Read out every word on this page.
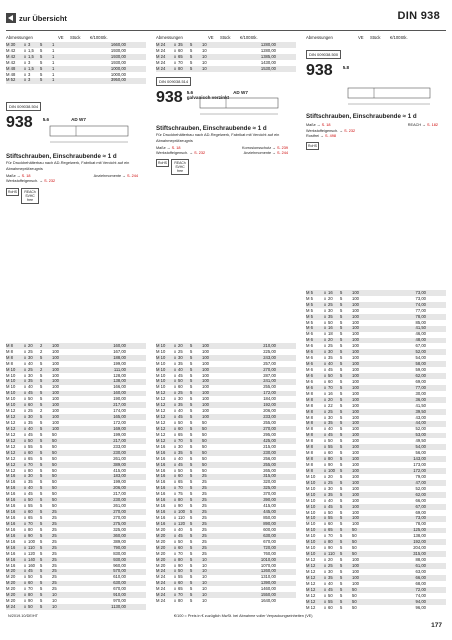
zur Übersicht	DIN 938
Abmessungen	VE	Stück	€/100Stk.	Abmessungen	VE	Stück	€/100Stk.	Abmessungen	VE	Stück	€/100Stk.
M 30	x 3	5	1	1660,00
M 42	x 1,5	5	1	1930,00
M 42	x 1,5	5	1	1930,00
M 42	x 3	5	1	1930,00
M 48	x 1,5	5	1	1000,00
M 48	x 3	5	1	1000,00
M 52	x 3	5	1	3950,00
M 24	x 35	5	10	1280,00
M 24	x 60	5	10	1280,00
M 24	x 65	5	10	1385,00
M 24	x 70	5	10	1430,00
M 24	x 80	5	10	1530,00
M 8	x 20	2	100	160,00
M 8	x 25	2	100	167,00
M 8	x 30	5	100	188,00
M 8	x 40	5	100	199,00
M 10	x 25	2	100	111,00
M 10	x 30	5	100	128,00
M 10	x 35	5	100	138,00
M 10	x 40	5	100	166,00
M 10	x 45	5	100	160,00
M 10	x 50	5	100	190,00
M 10	x 60	5	100	217,00
M 12	x 25	2	100	174,00
M 12	x 30	5	100	165,00
M 12	x 35	5	100	172,00
M 12	x 40	5	100	169,00
M 12	x 45	5	50	199,00
M 12	x 50	5	50	217,00
M 12	x 55	5	50	233,00
M 12	x 60	5	50	230,00
M 12	x 65	5	50	261,00
M 12	x 70	5	50	389,00
M 12	x 80	5	50	415,00
M 16	x 30	5	50	183,00
M 16	x 35	5	50	199,00
M 16	x 40	5	50	206,00
M 16	x 45	5	50	217,00
M 16	x 50	5	50	230,00
M 16	x 55	5	50	261,00
M 16	x 60	5	25	270,00
M 16	x 65	5	25	270,00
M 16	x 70	5	25	275,00
M 16	x 80	5	25	325,00
M 16	x 90	5	25	360,00
M 16	x 100	5	25	389,00
M 16	x 110	5	25	790,00
M 16	x 120	5	25	830,00
M 16	x 140	5	25	930,00
M 16	x 160	5	25	960,00
M 20	x 45	5	25	570,00
M 20	x 50	5	25	610,00
M 20	x 60	5	25	630,00
M 20	x 70	5	25	670,00
M 20	x 80	5	10	910,00
M 20	x 90	5	10	970,00
M 24	x 50	5	10	1130,00
M 10	x 20	5	100	210,00
M 10	x 25	5	100	225,00
M 10	x 30	5	100	243,00
M 10	x 35	5	100	257,00
M 10	x 40	5	100	270,00
M 10	x 45	5	100	287,00
M 10	x 50	5	100	241,00
M 10	x 60	5	100	255,00
M 12	x 25	5	100	172,00
M 12	x 30	5	100	184,00
M 12	x 35	5	100	192,00
M 12	x 40	5	100	206,00
M 12	x 45	5	100	233,00
M 12	x 50	5	50	255,00
M 12	x 60	5	50	270,00
M 12	x 65	5	50	295,00
M 12	x 70	5	50	425,00
M 16	x 30	5	50	215,00
M 16	x 35	5	50	230,00
M 16	x 40	5	50	256,00
M 16	x 45	5	50	255,00
M 16	x 50	5	50	265,00
M 16	x 60	5	25	315,00
M 16	x 65	5	25	320,00
M 16	x 70	5	25	325,00
M 16	x 75	5	25	370,00
M 16	x 80	5	25	390,00
M 16	x 90	5	25	415,00
M 16	x 100	5	25	445,00
M 16	x 110	5	25	850,00
M 16	x 120	5	25	890,00
M 20	x 40	5	25	600,00
M 20	x 45	5	25	630,00
M 20	x 50	5	25	670,00
M 20	x 60	5	25	720,00
M 20	x 70	5	25	760,00
M 20	x 80	5	10	1010,00
M 20	x 90	5	10	1070,00
M 24	x 50	5	10	1260,00
M 24	x 55	5	10	1310,00
M 24	x 60	5	10	1390,00
M 24	x 65	5	10	1460,00
M 24	x 70	5	10	1550,00
M 24	x 80	5	10	1640,00
M 5	x 16	5	100	73,00
M 5	x 20	5	100	73,00
M 5	x 25	5	100	74,00
M 5	x 30	5	100	77,00
M 5	x 35	5	100	78,00
M 5	x 50	5	100	85,00
M 6	x 16	5	100	41,50
M 6	x 18	5	100	46,00
M 6	x 20	5	100	48,00
M 6	x 25	5	100	67,00
M 6	x 30	5	100	52,00
M 6	x 35	5	100	54,00
M 6	x 40	5	100	58,00
M 6	x 45	5	100	59,00
M 6	x 50	5	100	62,00
M 6	x 60	5	100	69,00
M 6	x 70	5	100	77,00
M 8	x 16	5	100	30,00
M 8	x 20	5	100	36,00
M 8	x 22	5	100	41,50
M 8	x 25	5	100	39,50
M 8	x 30	5	100	43,00
M 8	x 35	5	100	44,00
M 8	x 40	5	100	52,00
M 8	x 45	5	100	53,00
M 8	x 50	5	100	49,50
M 8	x 55	5	100	54,00
M 8	x 60	5	100	56,00
M 8	x 80	5	100	143,00
M 8	x 90	5	100	173,00
M 8	x 100	5	100	172,00
M 10	x 20	5	100	79,00
M 10	x 25	5	100	47,00
M 10	x 30	5	100	52,00
M 10	x 35	5	100	62,00
M 10	x 40	5	100	66,00
M 10	x 45	5	100	67,00
M 10	x 50	5	100	69,00
M 10	x 55	5	100	73,00
M 10	x 60	5	100	78,00
M 10	x 65	5	50	125,00
M 10	x 70	5	50	138,00
M 10	x 80	5	50	192,00
M 10	x 90	5	50	204,00
M 10	x 110	5	50	315,00
M 12	x 20	5	100	88,00
M 12	x 25	5	100	61,00
M 12	x 30	5	100	63,00
M 12	x 35	5	100	66,00
M 12	x 40	5	100	68,00
M 12	x 45	5	50	72,00
M 12	x 50	5	50	74,00
M 12	x 55	5	50	94,00
M 12	x 60	5	50	96,00
DIN 009038.504
938 5.6	AD W7
Stiftschrauben, Einschraubende ≈ 1 d
Für Druckbehälterbau nach AD-Regelwerk, Fabrikat mit Vercicht auf ein Abnahmeprüfzeugnis
Maße → S. 18	Anziehmomente → S. 244
Werkstoffeigensch. → S. 232
RoHS REACh SVHC free
DIN 009038.514
938 5.6	AD W7
galvanisch verzinkt
Stiftschrauben, Einschraubende ≈ 1 d
Für Druckbehälterbau nach AD-Regelwerk, Fabrikat mit Vercicht auf ein Abnahmeprüfzeugnis
Maße → S. 18	Korrosionsschutz → S. 239
Werkstoffeigensch. → S. 232	Anziehmomente → S. 244
RoHS REACh SVHC free
DIN 009038.500
938 5.8
Stiftschrauben, Einschraubende ≈ 1 d
Maße → S. 18	REACH → S. 182
Werkstoffeigensch. → S. 232
Rostfrei → S. 498
RoHS
N/2019.10/DE/HT	€/100 = Preis in € zuzüglich MwSt. bei Abnahme voller Verpackungseinheiten (VE)
177
